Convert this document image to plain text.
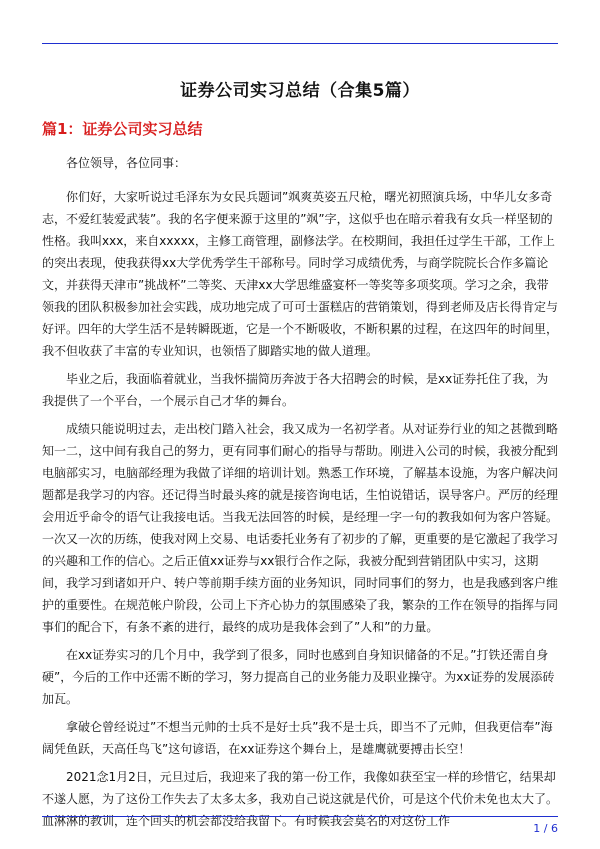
证券公司实习总结（合集5篇）
篇1：证券公司实习总结

各位领导，各位同事：

你们好，大家听说过毛泽东为女民兵题词”飒爽英姿五尺枪，曙光初照演兵场，中华儿女多奇志，不爱红装爱武装”。我的名字便来源于这里的”飒”字，这似乎也在暗示着我有女兵一样坚韧的性格。我叫xxx，来自xxxxx，主修工商管理，副修法学。在校期间，我担任过学生干部，工作上的突出表现，使我获得xx大学优秀学生干部称号。同时学习成绩优秀，与商学院院长合作多篇论文，并获得天津市”挑战杯”二等奖、天津xx大学思维盛宴杯一等奖等多项奖项。学习之余，我带领我的团队积极参加社会实践，成功地完成了可可士蛋糕店的营销策划，得到老师及店长得肯定与好评。四年的大学生活不是转瞬既逝，它是一个不断吸收，不断积累的过程，在这四年的时间里，我不但收获了丰富的专业知识，也领悟了脚踏实地的做人道理。

毕业之后，我面临着就业，当我怀揣简历奔波于各大招聘会的时候，是xx证券托住了我，为我提供了一个平台，一个展示自己才华的舞台。

成绩只能说明过去，走出校门踏入社会，我又成为一名初学者。从对证券行业的知之甚微到略知一二，这中间有我自己的努力，更有同事们耐心的指导与帮助。刚进入公司的时候，我被分配到电脑部实习，电脑部经理为我做了详细的培训计划。熟悉工作环境，了解基本设施，为客户解决问题都是我学习的内容。还记得当时最头疼的就是接咨询电话，生怕说错话，误导客户。严厉的经理会用近乎命令的语气让我接电话。当我无法回答的时候，是经理一字一句的教我如何为客户答疑。一次又一次的历练，使我对网上交易、电话委托业务有了初步的了解，更重要的是它激起了我学习的兴趣和工作的信心。之后正值xx证券与xx银行合作之际，我被分配到营销团队中实习，这期间，我学习到诸如开户、转户等前期手续方面的业务知识，同时同事们的努力，也是我感到客户维护的重要性。在规范帐户阶段，公司上下齐心协力的氛围感染了我，繁杂的工作在领导的指挥与同事们的配合下，有条不紊的进行，最终的成功是我体会到了”人和”的力量。

在xx证券实习的几个月中，我学到了很多，同时也感到自身知识储备的不足。”打铁还需自身硬”，今后的工作中还需不断的学习，努力提高自己的业务能力及职业操守。为xx证券的发展添砖加瓦。

拿破仑曾经说过”不想当元帅的士兵不是好士兵”我不是士兵，即当不了元帅，但我更信奉”海阔凭鱼跃，天高任鸟飞”这句谚语，在xx证券这个舞台上，是雄鹰就要搏击长空！

2021念1月2日，元旦过后，我迎来了我的第一份工作，我像如获至宝一样的珍惜它，结果却不遂人愿，为了这份工作失去了太多太多，我劝自己说这就是代价，可是这个代价未免也太大了。血淋淋的教训，连个回头的机会都没给我留下。有时候我会莫名的对这份工作

1 / 6
